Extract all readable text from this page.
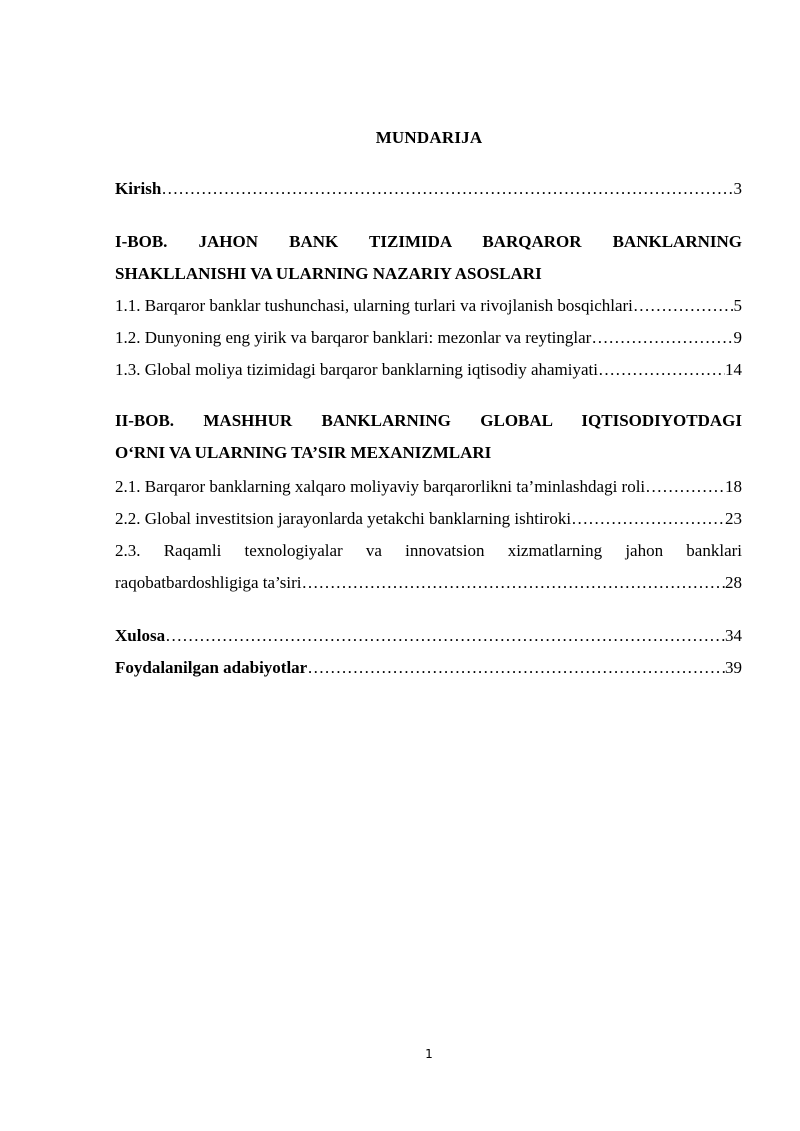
MUNDARIJA
Kirish ……………………………………………………………………………………………………………………………………………………………………………………………………………	3
I-BOB. JAHON BANK TIZIMIDA BARQAROR BANKLARNING
SHAKLLANISHI VA ULARNING NAZARIY ASOSLARI
1.1. Barqaror banklar tushunchasi, ularning turlari va rivojlanish bosqichlari ……………………………………………………………………………………………………………………………………………………………………………………………………………	5
1.2. Dunyoning eng yirik va barqaror banklari: mezonlar va reytinglar ……………………………………………………………………………………………………………………………………………………………………………………………………………	9
1.3. Global moliya tizimidagi barqaror banklarning iqtisodiy ahamiyati ……………………………………………………………………………………………………………………………………………………………………………………………………………	14
II-BOB. MASHHUR BANKLARNING GLOBAL IQTISODIYOTDAGI
O‘RNI VA ULARNING TA’SIR MEXANIZMLARI
2.1. Barqaror banklarning xalqaro moliyaviy barqarorlikni ta’minlashdagi roli ……………………………………………………………………………………………………………………………………………………………………………………………………………	18
2.2. Global investitsion jarayonlarda yetakchi banklarning ishtiroki ……………………………………………………………………………………………………………………………………………………………………………………………………………	23
2.3. Raqamli texnologiyalar va innovatsion xizmatlarning jahon banklari
raqobatbardoshligiga ta’siri ……………………………………………………………………………………………………………………………………………………………………………………………………………	28
Xulosa ……………………………………………………………………………………………………………………………………………………………………………………………………………	34
Foydalanilgan adabiyotlar ……………………………………………………………………………………………………………………………………………………………………………………………………………	39
1
